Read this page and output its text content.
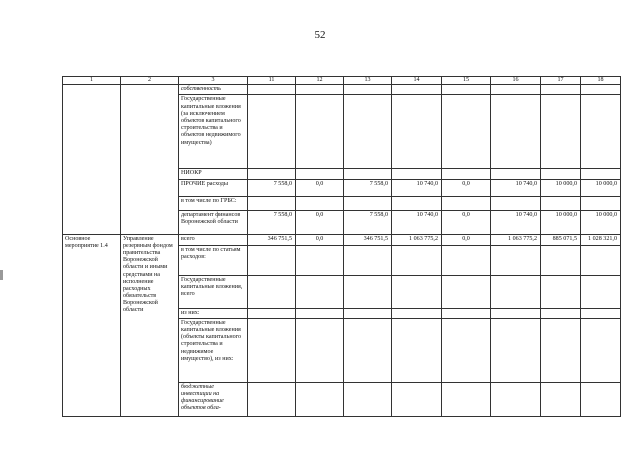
52
1	2	3	11	12	13	14	15	16	17	18
		собственность								
		Государственные капитальные вложения (за исключением объектов капитального строительства и объектов недвижимого имущества)								
		НИОКР								
		ПРОЧИЕ расходы	7 558,0	0,0	7 558,0	10 740,0	0,0	10 740,0	10 000,0	10 000,0
		в том числе по ГРБС:								
		департамент финансов Воронежской области	7 558,0	0,0	7 558,0	10 740,0	0,0	10 740,0	10 000,0	10 000,0
Основное мероприятие 1.4	Управление резервным фондом правительства Воронежской области и иными средствами на исполнение расходных обязательств Воронежской области	всего	346 751,5	0,0	346 751,5	1 063 775,2	0,0	1 063 775,2	885 071,5	1 028 321,0
		в том числе по статьям расходов:								
		Государственные капитальные вложения, всего								
		из них:								
		Государственные капитальные вложения (объекты капитального строительства и недвижимое имущество), из них:								
		бюджетные инвестиции на финансирование объектов обла-								
